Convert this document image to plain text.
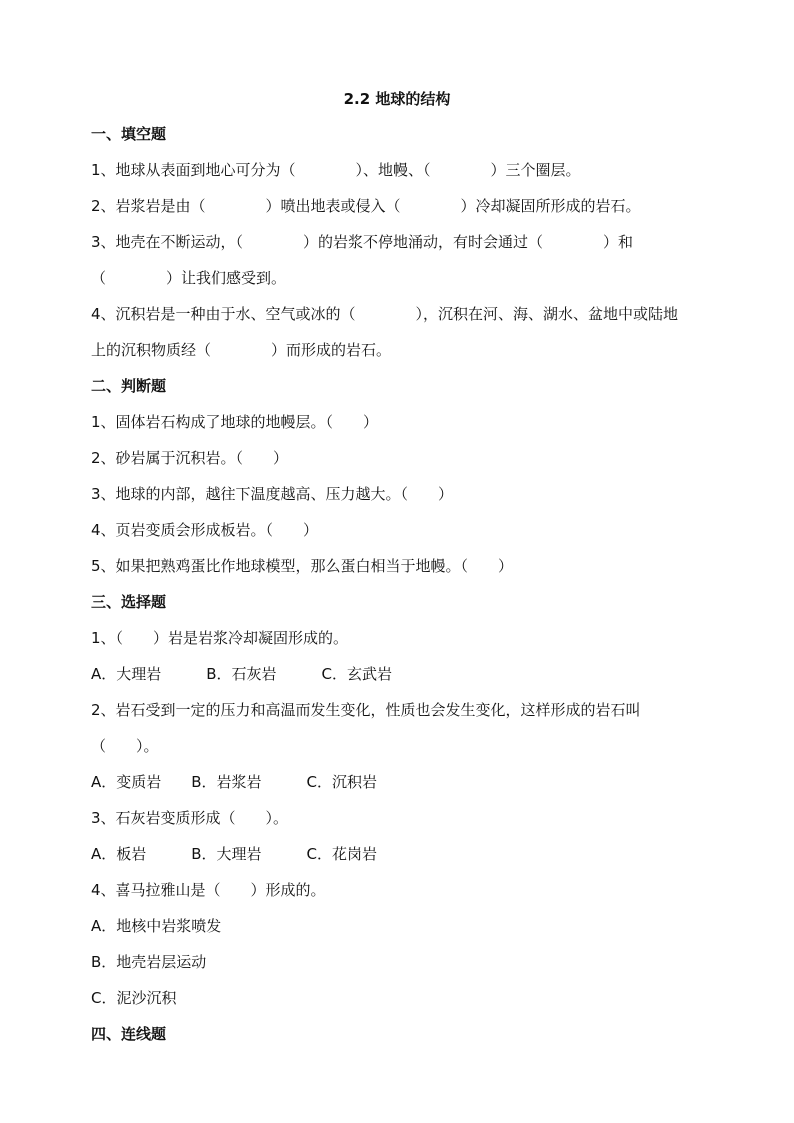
2.2 地球的结构
一、填空题
1、地球从表面到地心可分为（　　　　）、地幔、（　　　　）三个圈层。
2、岩浆岩是由（　　　　）喷出地表或侵入（　　　　）冷却凝固所形成的岩石。
3、地壳在不断运动，（　　　　）的岩浆不停地涌动，有时会通过（　　　　）和
（　　　　）让我们感受到。
4、沉积岩是一种由于水、空气或冰的（　　　　），沉积在河、海、湖水、盆地中或陆地
上的沉积物质经（　　　　）而形成的岩石。
二、判断题
1、固体岩石构成了地球的地幔层。（　　）
2、砂岩属于沉积岩。（　　）
3、地球的内部，越往下温度越高、压力越大。（　　）
4、页岩变质会形成板岩。（　　）
5、如果把熟鸡蛋比作地球模型，那么蛋白相当于地幔。（　　）
三、选择题
1、（　　）岩是岩浆冷却凝固形成的。
A．大理岩　　　B．石灰岩　　　C．玄武岩
2、岩石受到一定的压力和高温而发生变化，性质也会发生变化，这样形成的岩石叫
（　　）。
A．变质岩　　B．岩浆岩　　　C．沉积岩
3、石灰岩变质形成（　　）。
A．板岩　　　B．大理岩　　　C．花岗岩
4、喜马拉雅山是（　　）形成的。
A．地核中岩浆喷发
B．地壳岩层运动
C．泥沙沉积
四、连线题
